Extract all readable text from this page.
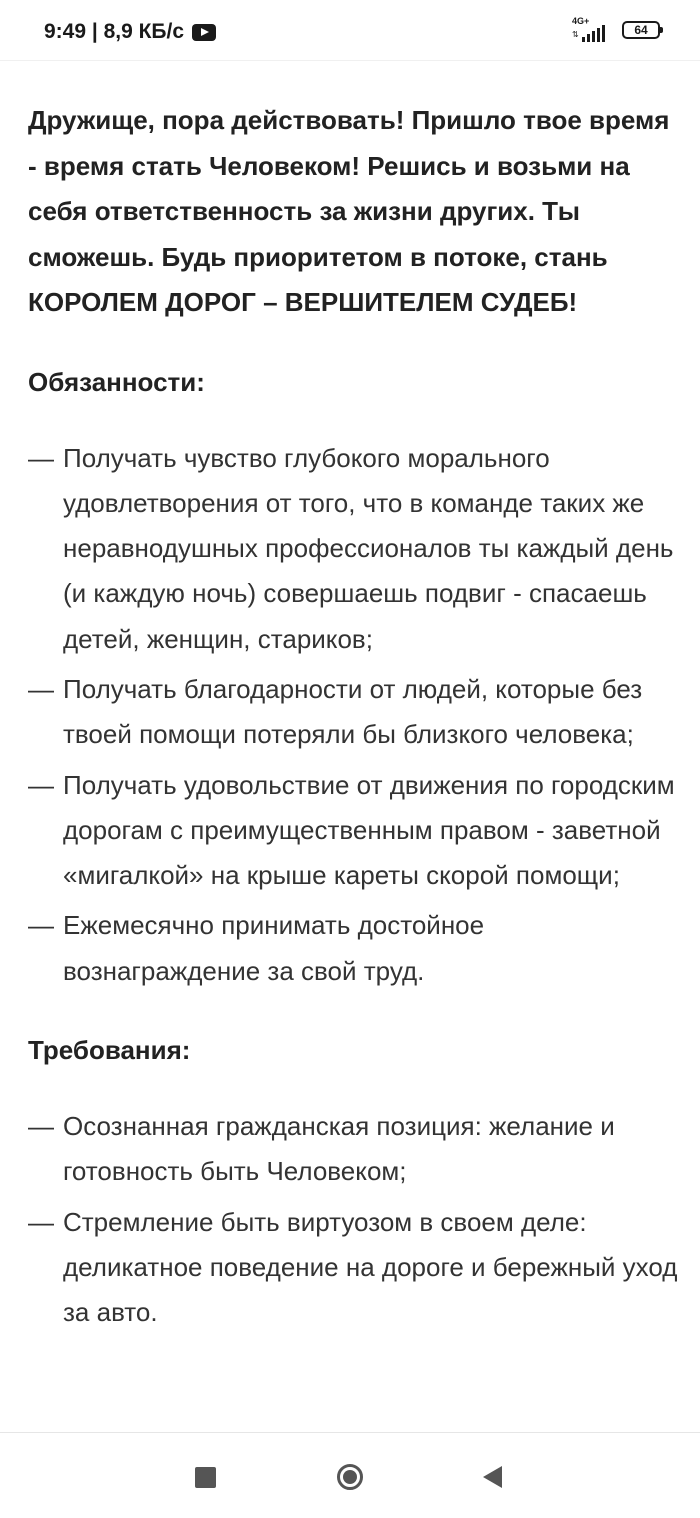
9:49 | 8,9 КБ/с	4G+
⇅	64

Дружище, пора действовать! Пришло твое время - время стать Человеком! Решись и возьми на себя ответственность за жизни других. Ты сможешь. Будь приоритетом в потоке, стань КОРОЛЕМ ДОРОГ – ВЕРШИТЕЛЕМ СУДЕБ!

Обязанности:
— Получать чувство глубокого морального удовлетворения от того, что в команде таких же неравнодушных профессионалов ты каждый день (и каждую ночь) совершаешь подвиг - спасаешь детей, женщин, стариков;
— Получать благодарности от людей, которые без твоей помощи потеряли бы близкого человека;
— Получать удовольствие от движения по городским дорогам с преимущественным правом - заветной «мигалкой» на крыше кареты скорой помощи;
— Ежемесячно принимать достойное вознаграждение за свой труд.
Требования:
— Осознанная гражданская позиция: желание и готовность быть Человеком;
— Стремление быть виртуозом в своем деле: деликатное поведение на дороге и бережный уход за авто.
